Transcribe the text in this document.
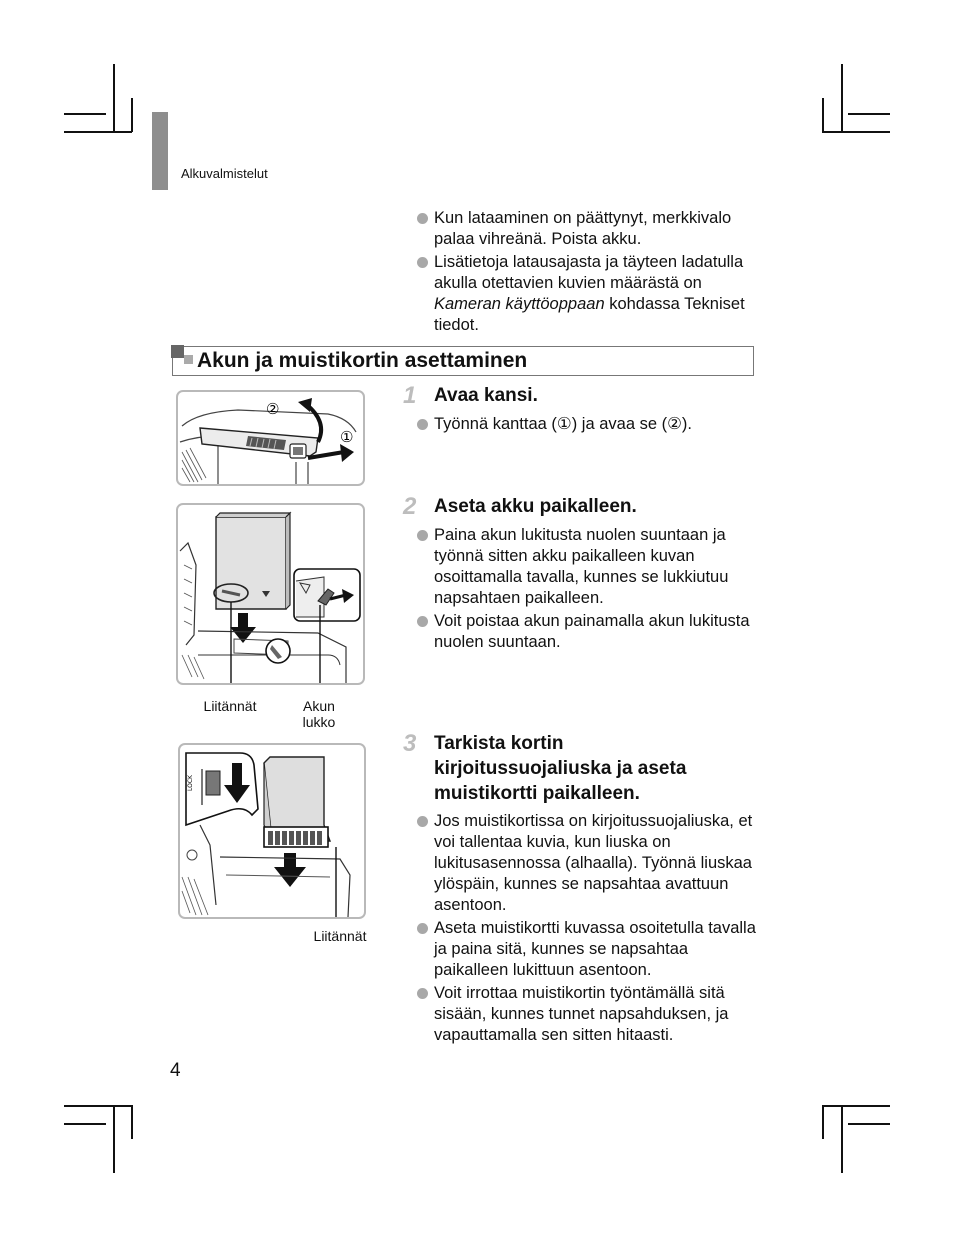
Alkuvalmistelut
Kun lataaminen on päättynyt, merkkivalo palaa vihreänä. Poista akku.
Lisätietoja latausajasta ja täyteen ladatulla akulla otettavien kuvien määrästä on Kameran käyttöoppaan kohdassa Tekniset tiedot.
Akun ja muistikortin asettaminen
1 Avaa kansi.
Työnnä kanttaa (①) ja avaa se (②).
2 Aseta akku paikalleen.
Paina akun lukitusta nuolen suuntaan ja työnnä sitten akku paikalleen kuvan osoittamalla tavalla, kunnes se lukkiutuu napsahtaen paikalleen.
Voit poistaa akun painamalla akun lukitusta nuolen suuntaan.
3 Tarkista kortin kirjoitussuojaliuska ja aseta muistikortti paikalleen.
Jos muistikortissa on kirjoitussuojaliuska, et voi tallentaa kuvia, kun liuska on lukitusasennossa (alhaalla). Työnnä liuskaa ylöspäin, kunnes se napsahtaa avattuun asentoon.
Aseta muistikortti kuvassa osoitetulla tavalla ja paina sitä, kunnes se napsahtaa paikalleen lukittuun asentoon.
Voit irrottaa muistikortin työntämällä sitä sisään, kunnes tunnet napsahduksen, ja vapauttamalla sen sitten hitaasti.
②
①
Liitännät	Akun
lukko
LOCK
Liitännät
4
